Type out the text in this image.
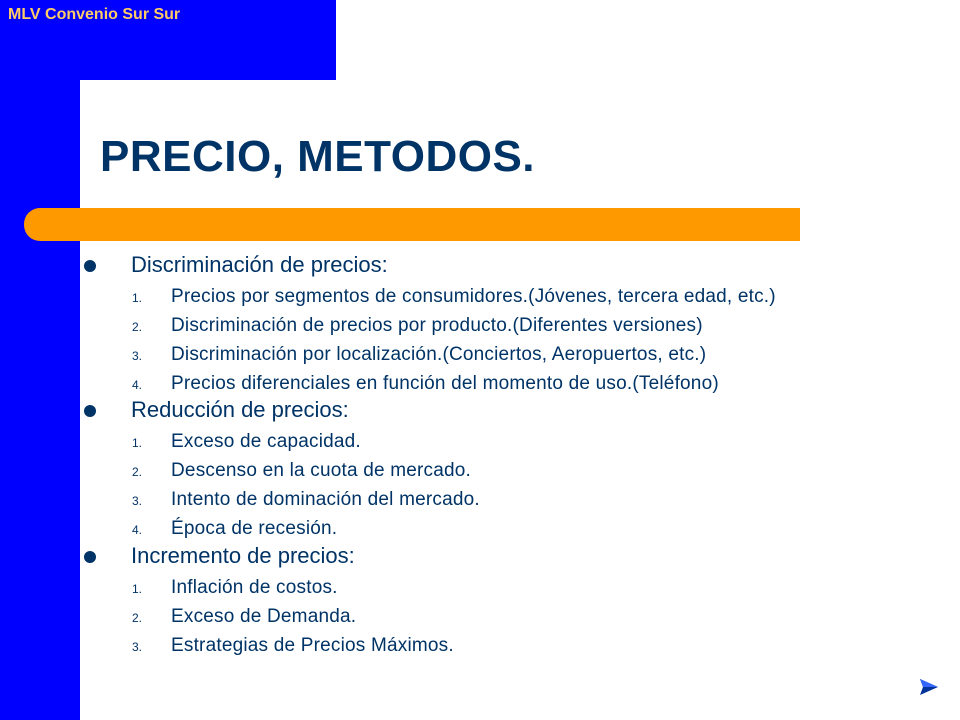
MLV Convenio Sur Sur
PRECIO, METODOS.
Discriminación de precios:
1. Precios por segmentos de consumidores.(Jóvenes, tercera edad, etc.)
2. Discriminación de precios por producto.(Diferentes versiones)
3. Discriminación por localización.(Conciertos, Aeropuertos, etc.)
4. Precios diferenciales en función del momento de uso.(Teléfono)
Reducción de precios:
1. Exceso de capacidad.
2. Descenso en la cuota de mercado.
3. Intento de dominación del mercado.
4. Época de recesión.
Incremento de precios:
1. Inflación de costos.
2. Exceso de Demanda.
3. Estrategias de Precios Máximos.
